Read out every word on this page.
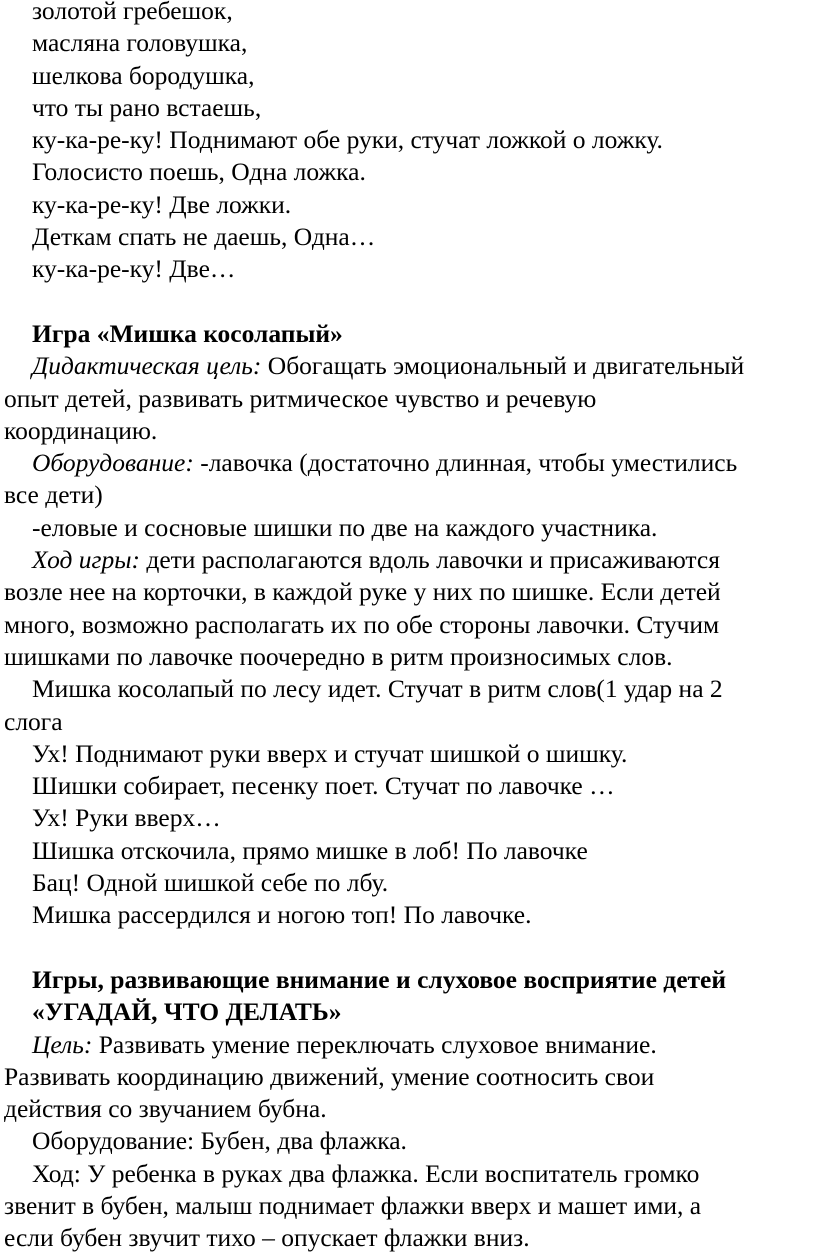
золотой гребешок,
масляна головушка,
шелкова бородушка,
что ты рано встаешь,
ку-ка-ре-ку! Поднимают обе руки, стучат ложкой о ложку.
Голосисто поешь, Одна ложка.
ку-ка-ре-ку! Две ложки.
Деткам спать не даешь, Одна…
ку-ка-ре-ку! Две…
Игра «Мишка косолапый»
Дидактическая цель: Обогащать эмоциональный и двигательный
опыт детей, развивать ритмическое чувство и речевую
координацию.
Оборудование: -лавочка (достаточно длинная, чтобы уместились
все дети)
-еловые и сосновые шишки по две на каждого участника.
Ход игры: дети располагаются вдоль лавочки и присаживаются
возле нее на корточки, в каждой руке у них по шишке. Если детей
много, возможно располагать их по обе стороны лавочки. Стучим
шишками по лавочке поочередно в ритм произносимых слов.
Мишка косолапый по лесу идет. Стучат в ритм слов(1 удар на 2
слога
Ух! Поднимают руки вверх и стучат шишкой о шишку.
Шишки собирает, песенку поет. Стучат по лавочке …
Ух! Руки вверх…
Шишка отскочила, прямо мишке в лоб! По лавочке
Бац! Одной шишкой себе по лбу.
Мишка рассердился и ногою топ! По лавочке.
Игры, развивающие внимание и слуховое восприятие детей
«УГАДАЙ, ЧТО ДЕЛАТЬ»
Цель: Развивать умение переключать слуховое внимание.
Развивать координацию движений, умение соотносить свои
действия со звучанием бубна.
Оборудование: Бубен, два флажка.
Ход: У ребенка в руках два флажка. Если воспитатель громко
звенит в бубен, малыш поднимает флажки вверх и машет ими, а
если бубен звучит тихо – опускает флажки вниз.
